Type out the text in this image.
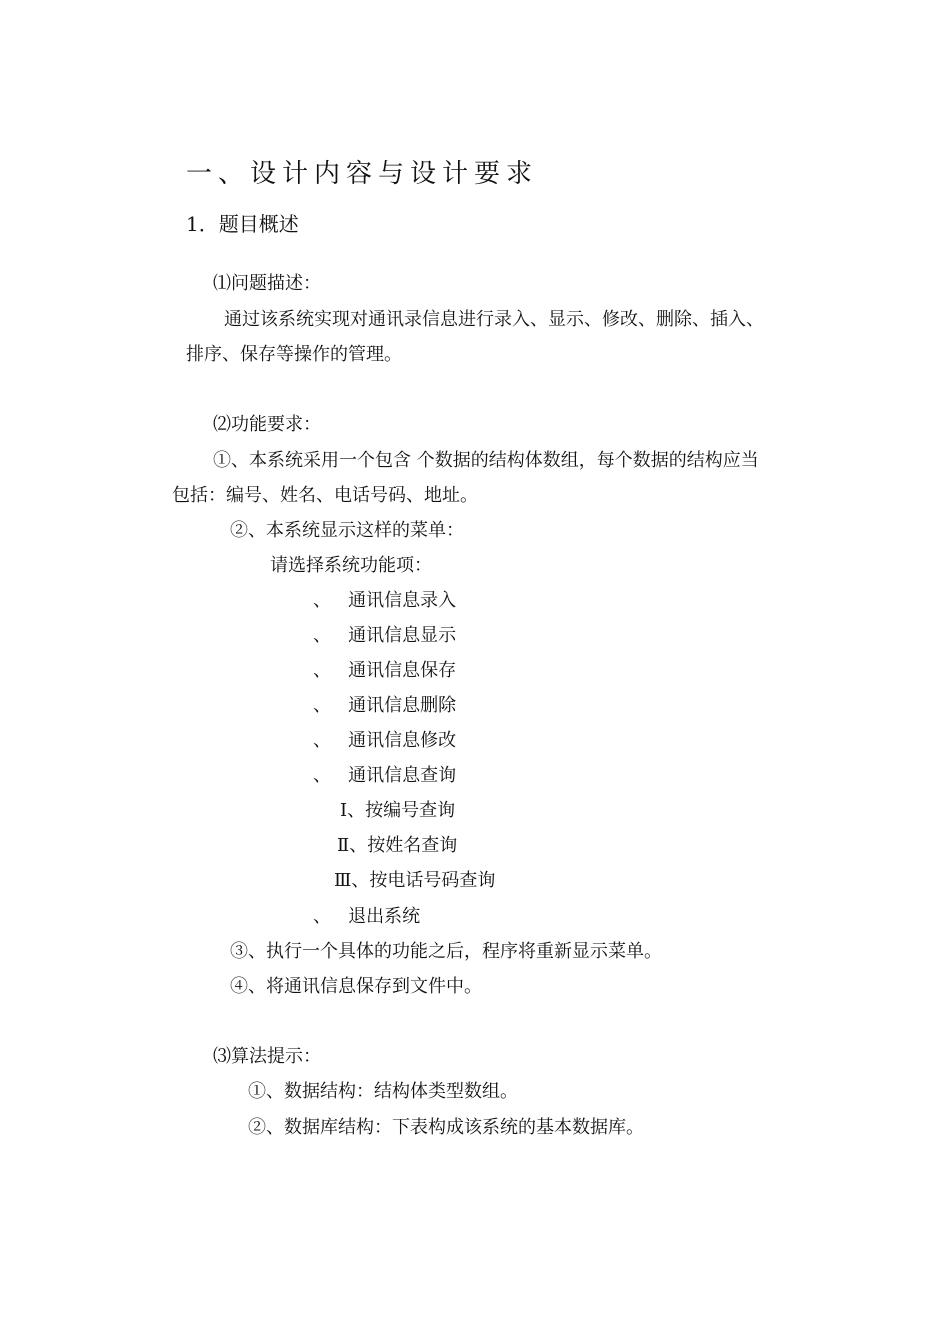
一、设计内容与设计要求
1．题目概述
⑴问题描述：
通过该系统实现对通讯录信息进行录入、显示、修改、删除、插入、
排序、保存等操作的管理。
⑵功能要求：
①、本系统采用一个包含 个数据的结构体数组，每个数据的结构应当
包括：编号、姓名、电话号码、地址。
②、本系统显示这样的菜单：
请选择系统功能项：
、   通讯信息录入
、   通讯信息显示
、   通讯信息保存
、   通讯信息删除
、   通讯信息修改
、   通讯信息查询
Ⅰ、按编号查询
Ⅱ、按姓名查询
Ⅲ、按电话号码查询
、   退出系统
③、执行一个具体的功能之后，程序将重新显示菜单。
④、将通讯信息保存到文件中。
⑶算法提示：
①、数据结构：结构体类型数组。
②、数据库结构：下表构成该系统的基本数据库。
